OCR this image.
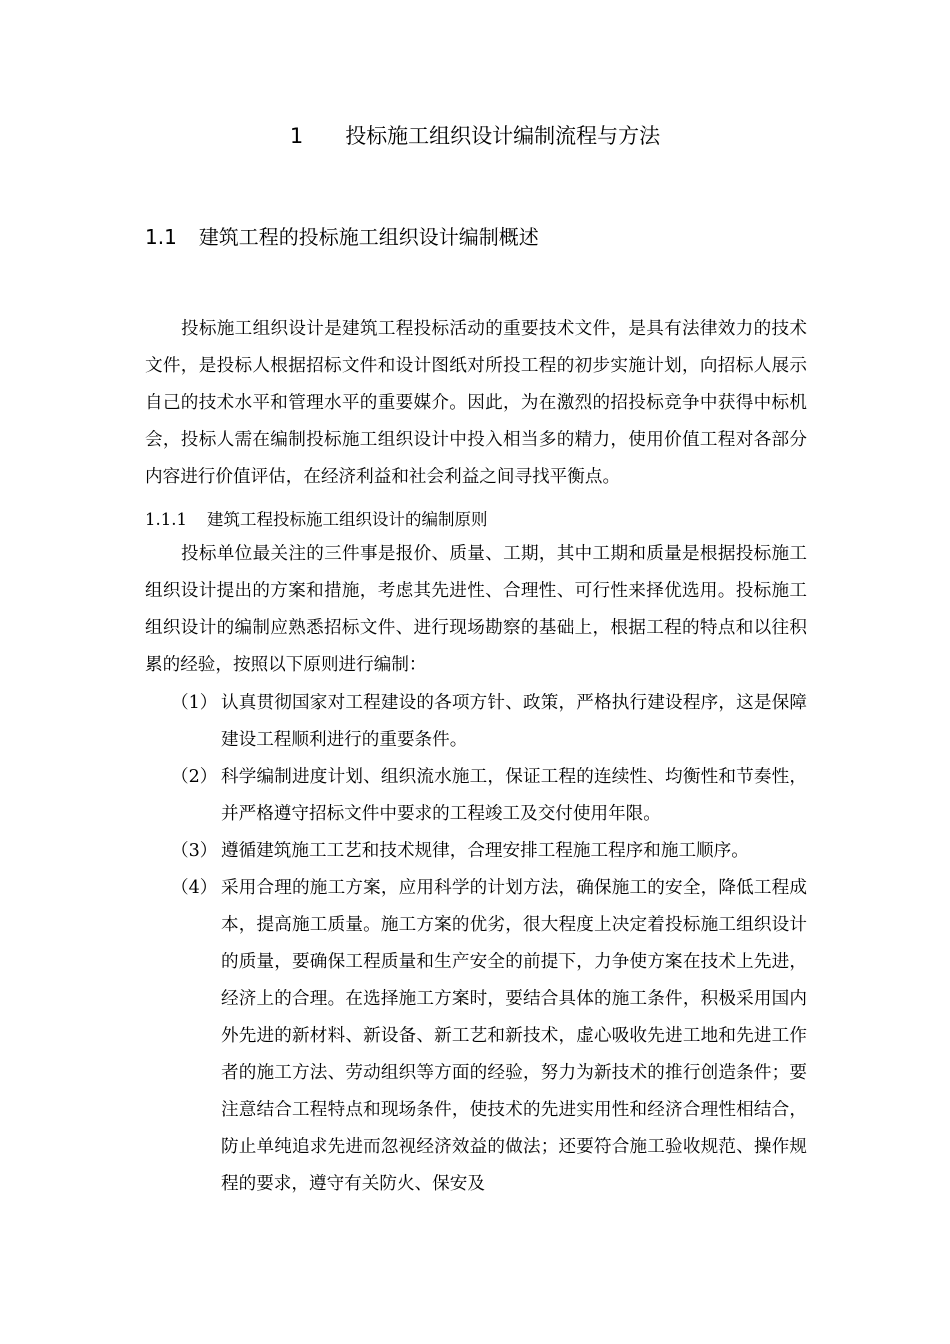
1 投标施工组织设计编制流程与方法
1.1 建筑工程的投标施工组织设计编制概述

投标施工组织设计是建筑工程投标活动的重要技术文件，是具有法律效力的技术文件，是投标人根据招标文件和设计图纸对所投工程的初步实施计划，向招标人展示自己的技术水平和管理水平的重要媒介。因此，为在激烈的招投标竞争中获得中标机会，投标人需在编制投标施工组织设计中投入相当多的精力，使用价值工程对各部分内容进行价值评估，在经济利益和社会利益之间寻找平衡点。

1.1.1 建筑工程投标施工组织设计的编制原则

投标单位最关注的三件事是报价、质量、工期，其中工期和质量是根据投标施工组织设计提出的方案和措施，考虑其先进性、合理性、可行性来择优选用。投标施工组织设计的编制应熟悉招标文件、进行现场勘察的基础上，根据工程的特点和以往积累的经验，按照以下原则进行编制：

（1） 认真贯彻国家对工程建设的各项方针、政策，严格执行建设程序，这是保障建设工程顺利进行的重要条件。
（2） 科学编制进度计划、组织流水施工，保证工程的连续性、均衡性和节奏性，并严格遵守招标文件中要求的工程竣工及交付使用年限。
（3） 遵循建筑施工工艺和技术规律，合理安排工程施工程序和施工顺序。
（4） 采用合理的施工方案，应用科学的计划方法，确保施工的安全，降低工程成本，提高施工质量。施工方案的优劣，很大程度上决定着投标施工组织设计的质量，要确保工程质量和生产安全的前提下，力争使方案在技术上先进，经济上的合理。在选择施工方案时，要结合具体的施工条件，积极采用国内外先进的新材料、新设备、新工艺和新技术，虚心吸收先进工地和先进工作者的施工方法、劳动组织等方面的经验，努力为新技术的推行创造条件；要注意结合工程特点和现场条件，使技术的先进实用性和经济合理性相结合，防止单纯追求先进而忽视经济效益的做法；还要符合施工验收规范、操作规程的要求，遵守有关防火、保安及
